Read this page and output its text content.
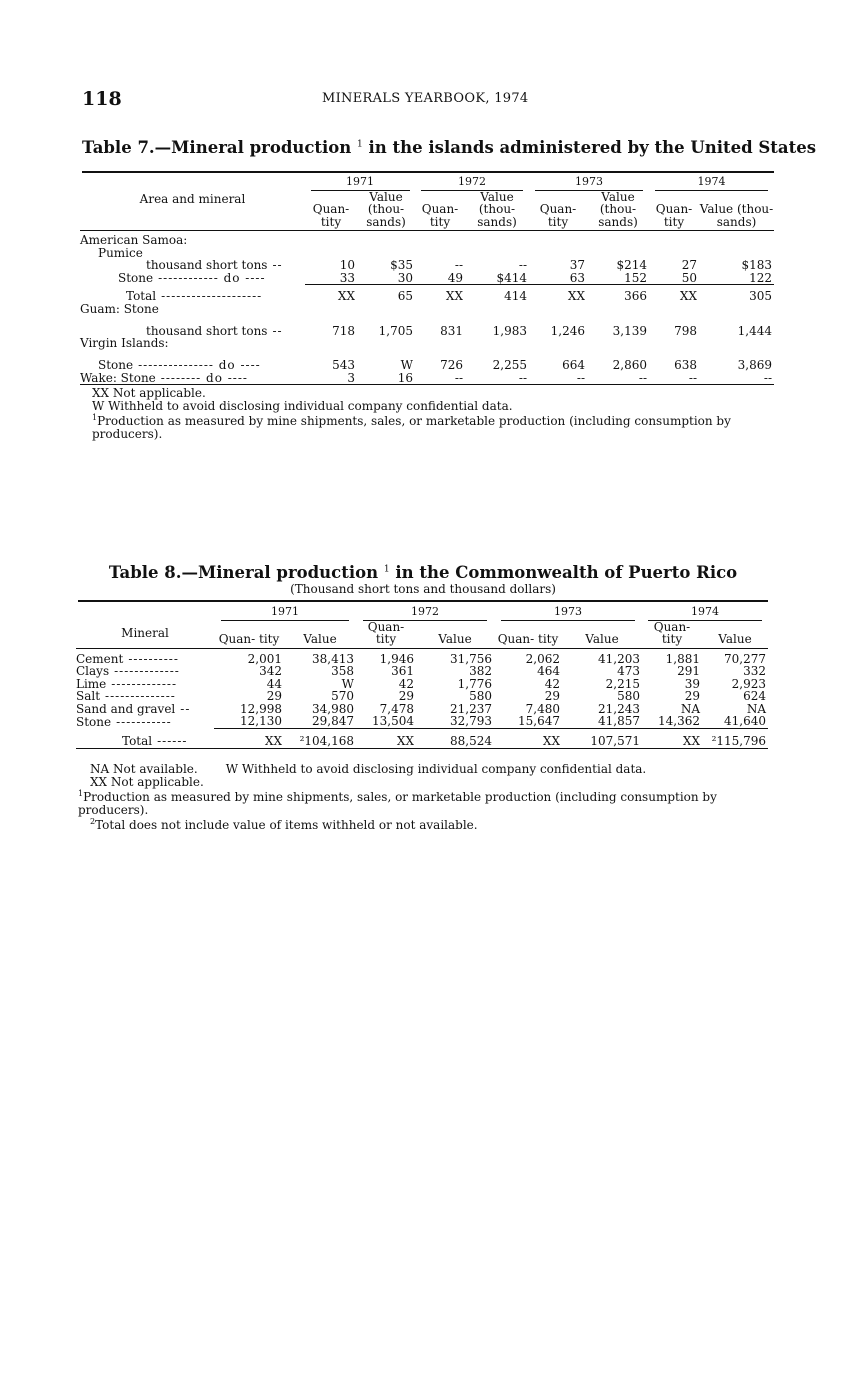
118	MINERALS YEARBOOK, 1974
Table 7.—Mineral production $^1$ in the islands administered by the United States
	1971		1972		1973		1974	
Area and mineral	Quan- tity	Value (thou- sands)	Quan- tity	Value (thou- sands)	Quan- tity	Value (thou- sands)	Quan- tity	Value (thou- sands)
American Samoa:								
Pumice								
thousand short tons --	10	$35	--	--	37	$214	27	$183
Stone ------------ do ----	33	30	49	$414	63	152	50	122
Total --------------------	XX	65	XX	414	XX	366	XX	305
Guam: Stone								
thousand short tons --	718	1,705	831	1,983	1,246	3,139	798	1,444
Virgin Islands:								
Stone --------------- do ----	543	W	726	2,255	664	2,860	638	3,869
Wake: Stone -------- do ----	3	16	--	--	--	--	--	--

XX Not applicable.

W Withheld to avoid disclosing individual company confidential data.

$^1$Production as measured by mine shipments, sales, or marketable production (including consumption by producers).

Table 8.—Mineral production $^1$ in the Commonwealth of Puerto Rico
(Thousand short tons and thousand dollars)
	1971		1972		1973		1974	
Mineral	Quan- tity	Value	Quan- tity	Value	Quan- tity	Value	Quan- tity	Value
Cement ----------	2,001	38,413	1,946	31,756	2,062	41,203	1,881	70,277
Clays -------------	342	358	361	382	464	473	291	332
Lime -------------	44	W	42	1,776	42	2,215	39	2,923
Salt --------------	29	570	29	580	29	580	29	624
Sand and gravel --	12,998	34,980	7,478	21,237	7,480	21,243	NA	NA
Stone -----------	12,130	29,847	13,504	32,793	15,647	41,857	14,362	41,640
Total ------	XX	²104,168	XX	88,524	XX	107,571	XX	²115,796

NA Not available. W Withheld to avoid disclosing individual company confidential data.

XX Not applicable.

$^1$Production as measured by mine shipments, sales, or marketable production (including consumption by producers).

$^2$Total does not include value of items withheld or not available.
